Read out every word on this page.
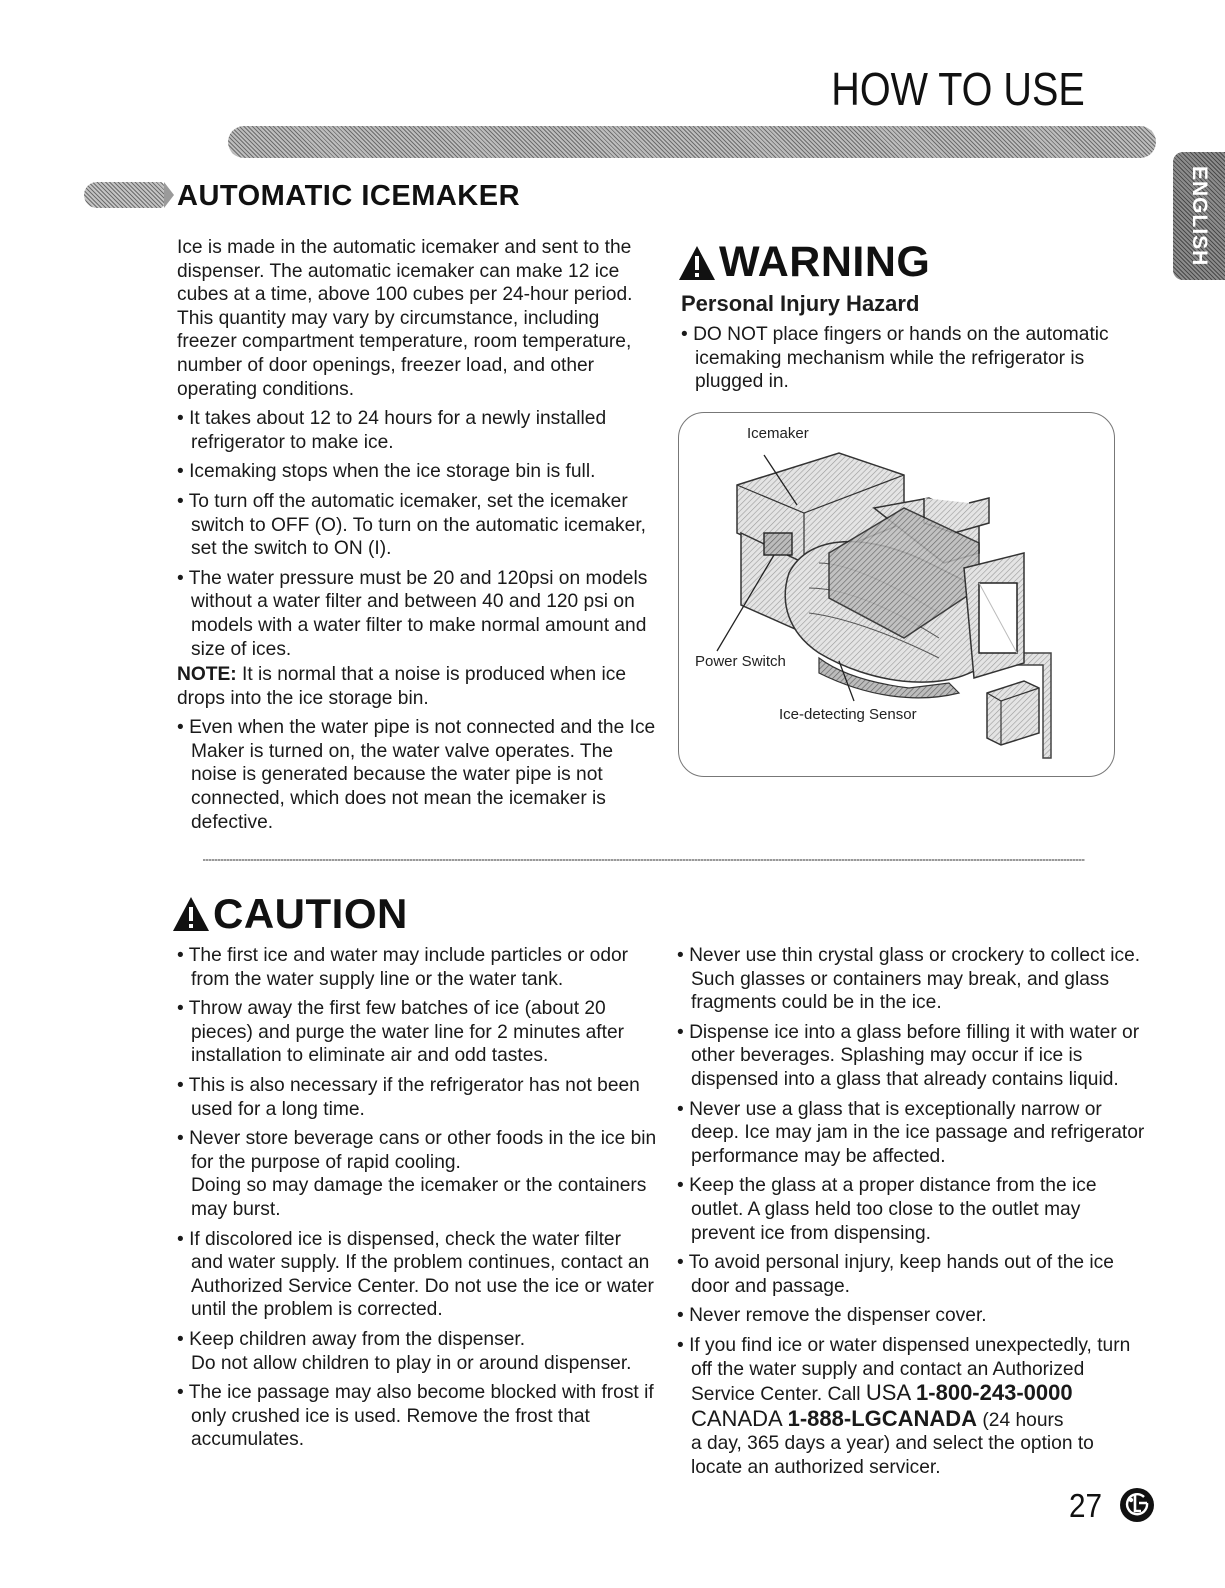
HOW TO USE
ENGLISH
AUTOMATIC ICEMAKER

Ice is made in the automatic icemaker and sent to the dispenser. The automatic icemaker can make 12 ice cubes at a time, above 100 cubes per 24-hour period. This quantity may vary by circumstance, including freezer compartment temperature, room temperature, number of door openings, freezer load, and other operating conditions.

• It takes about 12 to 24 hours for a newly installed refrigerator to make ice.
• Icemaking stops when the ice storage bin is full.
• To turn off the automatic icemaker, set the icemaker switch to OFF (O). To turn on the automatic icemaker, set the switch to ON (I).
• The water pressure must be 20 and 120psi on models without a water filter and between 40 and 120 psi on models with a water filter to make normal amount and size of ices.

NOTE: It is normal that a noise is produced when ice drops into the ice storage bin.

• Even when the water pipe is not connected and the Ice Maker is turned on, the water valve operates. The noise is generated because the water pipe is not connected, which does not mean the icemaker is defective.
WARNING
Personal Injury Hazard
• DO NOT place fingers or hands on the automatic icemaking mechanism while the refrigerator is plugged in.
Icemaker
Power Switch
Ice-detecting Sensor
CAUTION
• The first ice and water may include particles or odor from the water supply line or the water tank.
• Throw away the first few batches of ice (about 20 pieces) and purge the water line for 2 minutes after installation to eliminate air and odd tastes.
• This is also necessary if the refrigerator has not been used for a long time.
• Never store beverage cans or other foods in the ice bin for the purpose of rapid cooling.
Doing so may damage the icemaker or the containers may burst.
• If discolored ice is dispensed, check the water filter and water supply. If the problem continues, contact an Authorized Service Center. Do not use the ice or water until the problem is corrected.
• Keep children away from the dispenser.
Do not allow children to play in or around dispenser.
• The ice passage may also become blocked with frost if only crushed ice is used. Remove the frost that accumulates.
• Never use thin crystal glass or crockery to collect ice. Such glasses or containers may break, and glass fragments could be in the ice.
• Dispense ice into a glass before filling it with water or other beverages. Splashing may occur if ice is dispensed into a glass that already contains liquid.
• Never use a glass that is exceptionally narrow or deep. Ice may jam in the ice passage and refrigerator performance may be affected.
• Keep the glass at a proper distance from the ice outlet. A glass held too close to the outlet may prevent ice from dispensing.
• To avoid personal injury, keep hands out of the ice door and passage.
• Never remove the dispenser cover.
• If you find ice or water dispensed unexpectedly, turn off the water supply and contact an Authorized Service Center. Call USA 1-800-243-0000
CANADA 1-888-LGCANADA (24 hours
a day, 365 days a year) and select the option to locate an authorized servicer.
27
